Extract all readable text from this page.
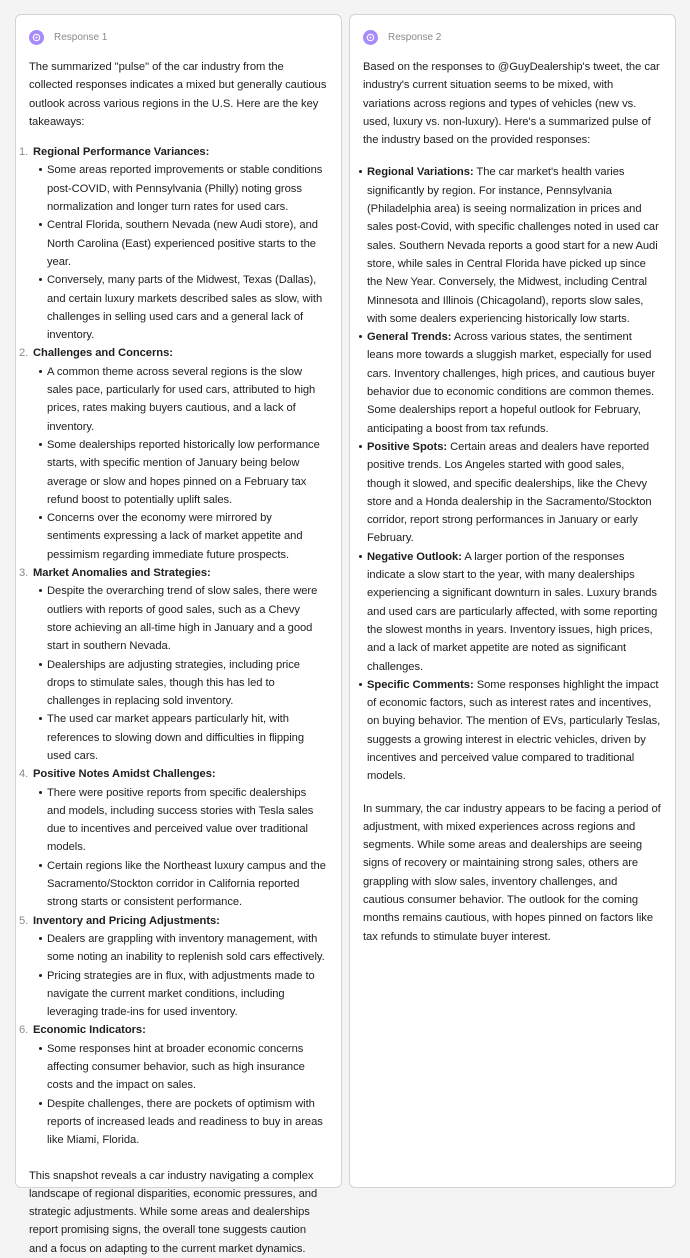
Response 1

The summarized "pulse" of the car industry from the collected responses indicates a mixed but generally cautious outlook across various regions in the U.S. Here are the key takeaways:

1. Regional Performance Variances:
Some areas reported improvements or stable conditions post-COVID, with Pennsylvania (Philly) noting gross normalization and longer turn rates for used cars.
Central Florida, southern Nevada (new Audi store), and North Carolina (East) experienced positive starts to the year.
Conversely, many parts of the Midwest, Texas (Dallas), and certain luxury markets described sales as slow, with challenges in selling used cars and a general lack of inventory.
2. Challenges and Concerns:
A common theme across several regions is the slow sales pace, particularly for used cars, attributed to high prices, rates making buyers cautious, and a lack of inventory.
Some dealerships reported historically low performance starts, with specific mention of January being below average or slow and hopes pinned on a February tax refund boost to potentially uplift sales.
Concerns over the economy were mirrored by sentiments expressing a lack of market appetite and pessimism regarding immediate future prospects.
3. Market Anomalies and Strategies:
Despite the overarching trend of slow sales, there were outliers with reports of good sales, such as a Chevy store achieving an all-time high in January and a good start in southern Nevada.
Dealerships are adjusting strategies, including price drops to stimulate sales, though this has led to challenges in replacing sold inventory.
The used car market appears particularly hit, with references to slowing down and difficulties in flipping used cars.
4. Positive Notes Amidst Challenges:
There were positive reports from specific dealerships and models, including success stories with Tesla sales due to incentives and perceived value over traditional models.
Certain regions like the Northeast luxury campus and the Sacramento/Stockton corridor in California reported strong starts or consistent performance.
5. Inventory and Pricing Adjustments:
Dealers are grappling with inventory management, with some noting an inability to replenish sold cars effectively.
Pricing strategies are in flux, with adjustments made to navigate the current market conditions, including leveraging trade-ins for used inventory.
6. Economic Indicators:
Some responses hint at broader economic concerns affecting consumer behavior, such as high insurance costs and the impact on sales.
Despite challenges, there are pockets of optimism with reports of increased leads and readiness to buy in areas like Miami, Florida.

This snapshot reveals a car industry navigating a complex landscape of regional disparities, economic pressures, and strategic adjustments. While some areas and dealerships report promising signs, the overall tone suggests caution and a focus on adapting to the current market dynamics.

Response 2

Based on the responses to @GuyDealership's tweet, the car industry's current situation seems to be mixed, with variations across regions and types of vehicles (new vs. used, luxury vs. non-luxury). Here's a summarized pulse of the industry based on the provided responses:

Regional Variations: The car market's health varies significantly by region. For instance, Pennsylvania (Philadelphia area) is seeing normalization in prices and sales post-Covid, with specific challenges noted in used car sales. Southern Nevada reports a good start for a new Audi store, while sales in Central Florida have picked up since the New Year. Conversely, the Midwest, including Central Minnesota and Illinois (Chicagoland), reports slow sales, with some dealers experiencing historically low starts.
General Trends: Across various states, the sentiment leans more towards a sluggish market, especially for used cars. Inventory challenges, high prices, and cautious buyer behavior due to economic conditions are common themes. Some dealerships report a hopeful outlook for February, anticipating a boost from tax refunds.
Positive Spots: Certain areas and dealers have reported positive trends. Los Angeles started with good sales, though it slowed, and specific dealerships, like the Chevy store and a Honda dealership in the Sacramento/Stockton corridor, report strong performances in January or early February.
Negative Outlook: A larger portion of the responses indicate a slow start to the year, with many dealerships experiencing a significant downturn in sales. Luxury brands and used cars are particularly affected, with some reporting the slowest months in years. Inventory issues, high prices, and a lack of market appetite are noted as significant challenges.
Specific Comments: Some responses highlight the impact of economic factors, such as interest rates and incentives, on buying behavior. The mention of EVs, particularly Teslas, suggests a growing interest in electric vehicles, driven by incentives and perceived value compared to traditional models.

In summary, the car industry appears to be facing a period of adjustment, with mixed experiences across regions and segments. While some areas and dealerships are seeing signs of recovery or maintaining strong sales, others are grappling with slow sales, inventory challenges, and cautious consumer behavior. The outlook for the coming months remains cautious, with hopes pinned on factors like tax refunds to stimulate buyer interest.
